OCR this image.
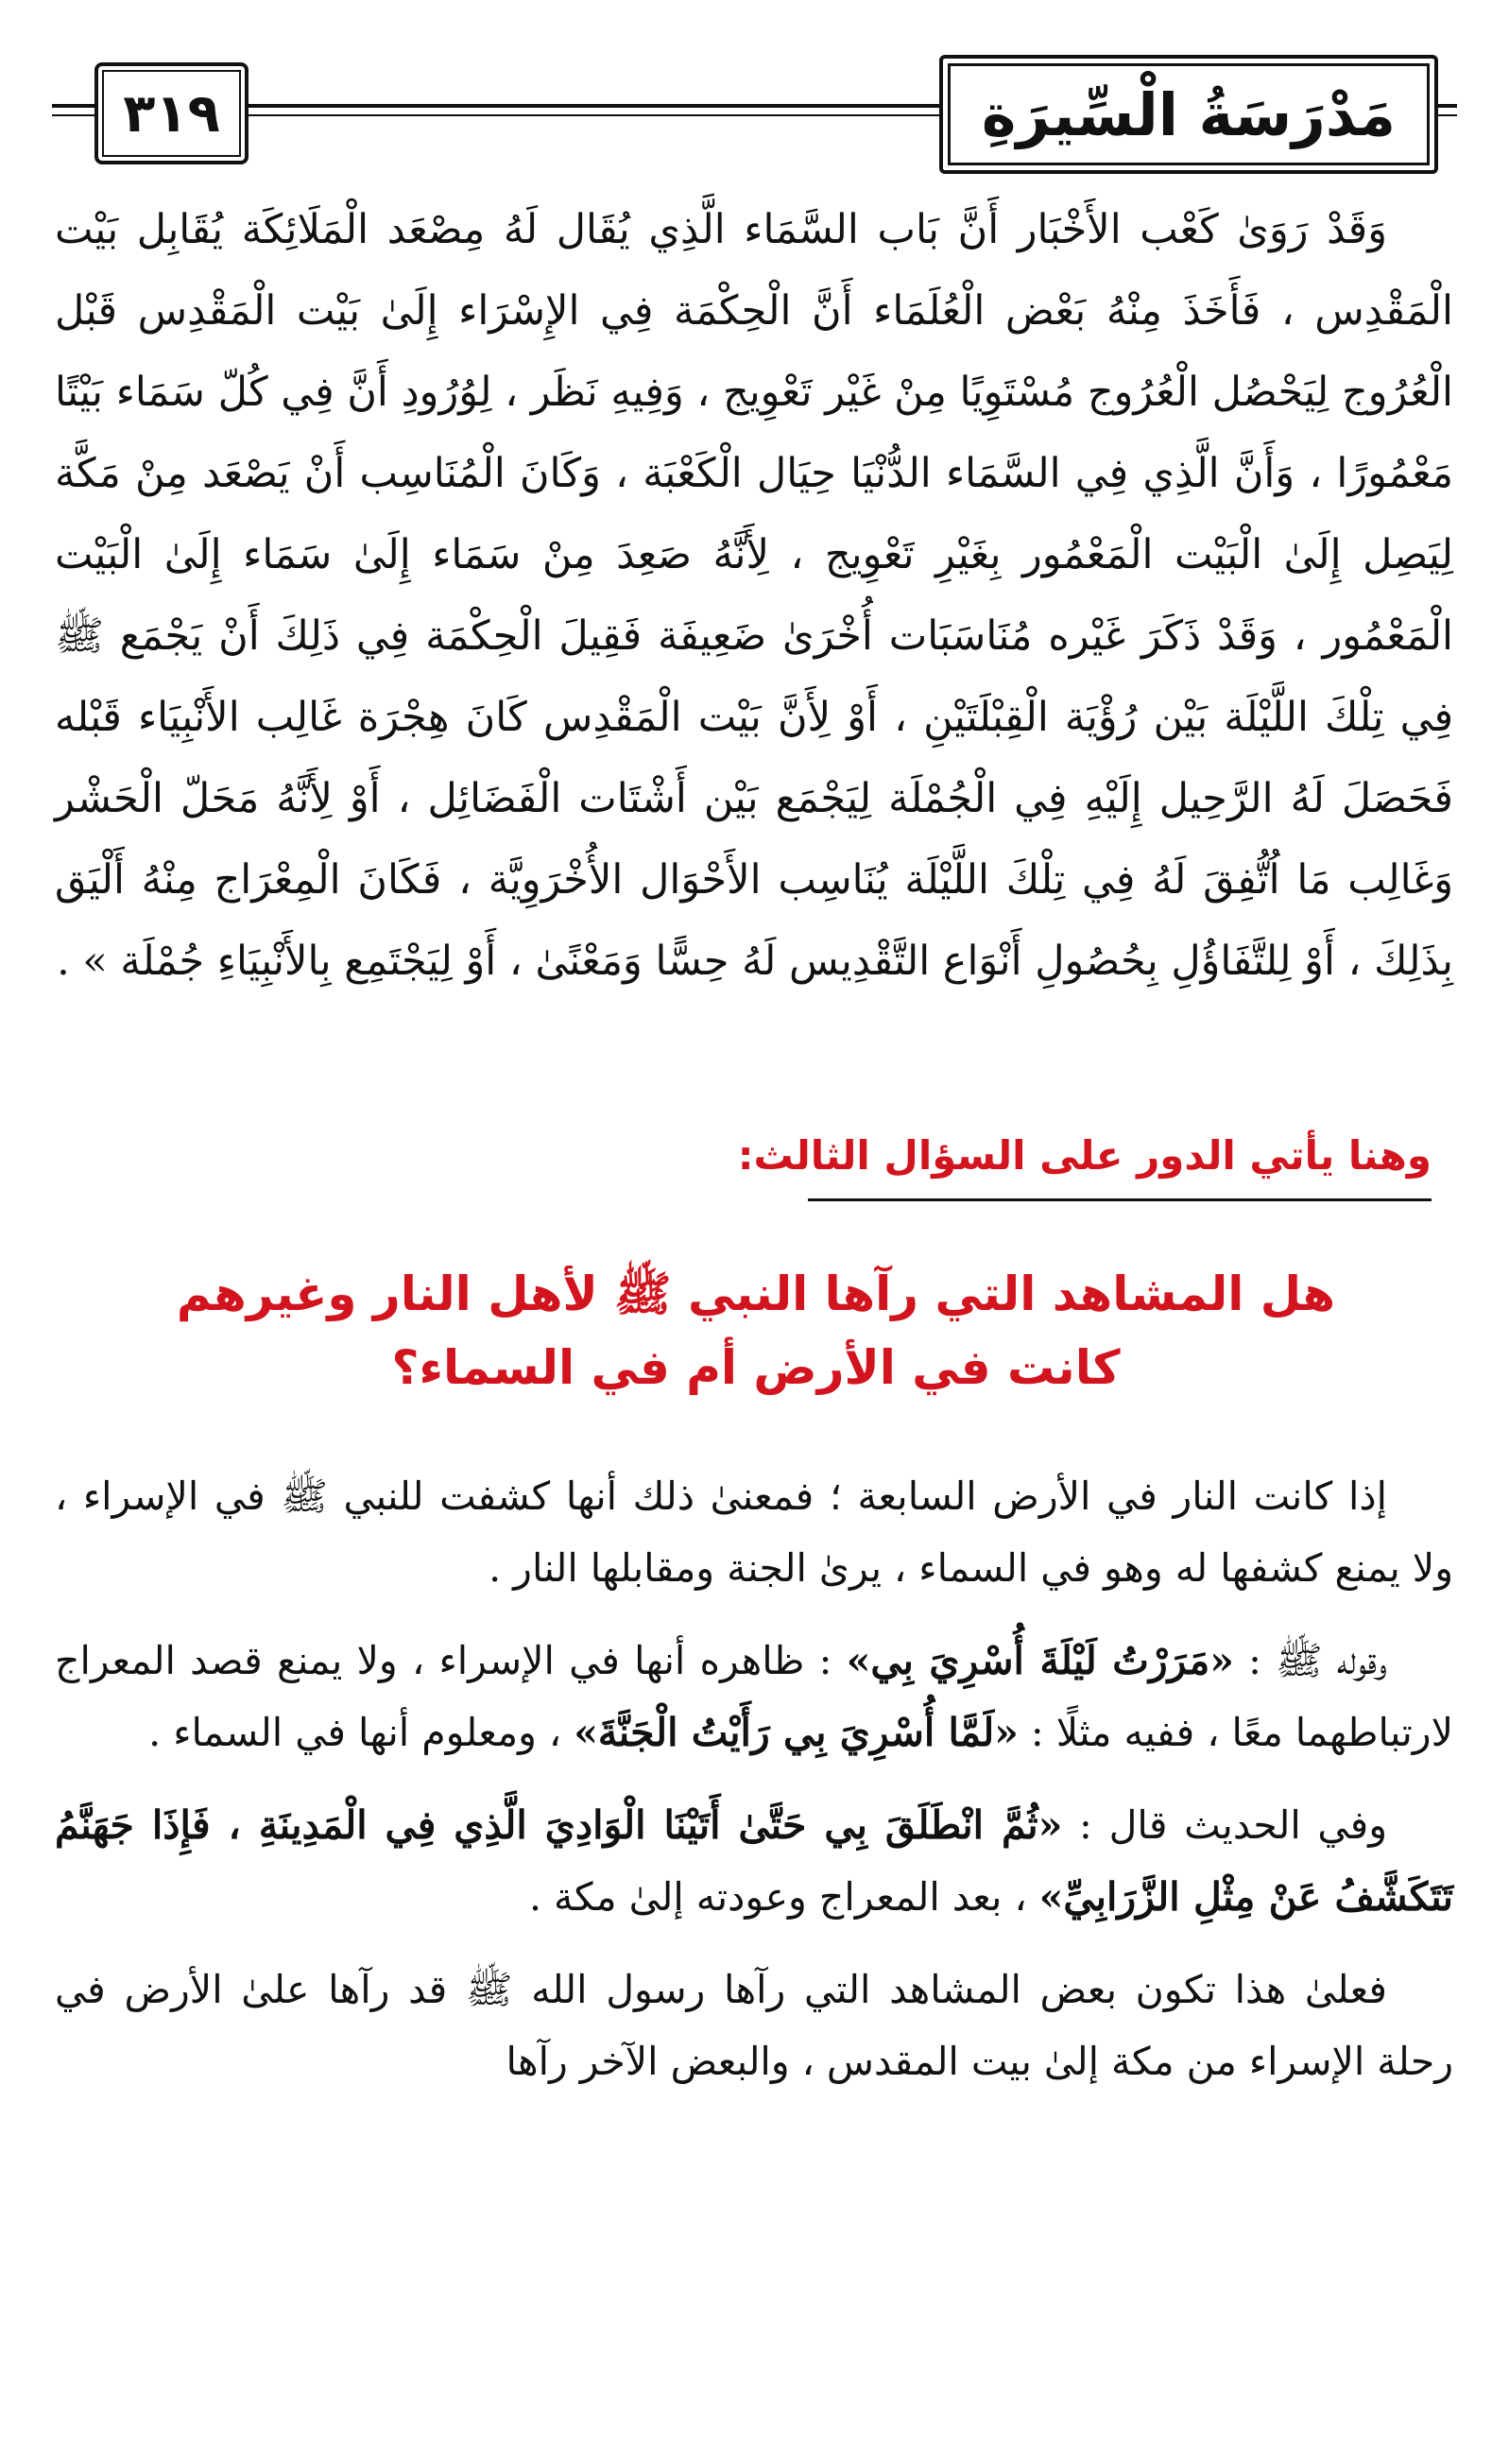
٣١٩	مَدْرَسَةُ الْسِّيرَةِ

وَقَدْ رَوَىٰ كَعْب الأَخْبَار أَنَّ بَاب السَّمَاء الَّذِي يُقَال لَهُ مِصْعَد الْمَلَائِكَة يُقَابِل بَيْت الْمَقْدِس ، فَأَخَذَ مِنْهُ بَعْض الْعُلَمَاء أَنَّ الْحِكْمَة فِي الإِسْرَاء إِلَىٰ بَيْت الْمَقْدِس قَبْل الْعُرُوج لِيَحْصُل الْعُرُوج مُسْتَوِيًا مِنْ غَيْر تَعْوِيج ، وَفِيهِ نَظَر ، لِوُرُودِ أَنَّ فِي كُلّ سَمَاء بَيْتًا مَعْمُورًا ، وَأَنَّ الَّذِي فِي السَّمَاء الدُّنْيَا حِيَال الْكَعْبَة ، وَكَانَ الْمُنَاسِب أَنْ يَصْعَد مِنْ مَكَّة لِيَصِل إِلَىٰ الْبَيْت الْمَعْمُور بِغَيْرِ تَعْوِيج ، لِأَنَّهُ صَعِدَ مِنْ سَمَاء إِلَىٰ سَمَاء إِلَىٰ الْبَيْت الْمَعْمُور ، وَقَدْ ذَكَرَ غَيْره مُنَاسَبَات أُخْرَىٰ ضَعِيفَة فَقِيلَ الْحِكْمَة فِي ذَلِكَ أَنْ يَجْمَع ﷺ فِي تِلْكَ اللَّيْلَة بَيْن رُؤْيَة الْقِبْلَتَيْنِ ، أَوْ لِأَنَّ بَيْت الْمَقْدِس كَانَ هِجْرَة غَالِب الأَنْبِيَاء قَبْله فَحَصَلَ لَهُ الرَّحِيل إِلَيْهِ فِي الْجُمْلَة لِيَجْمَع بَيْن أَشْتَات الْفَضَائِل ، أَوْ لِأَنَّهُ مَحَلّ الْحَشْر وَغَالِب مَا اُتُّفِقَ لَهُ فِي تِلْكَ اللَّيْلَة يُنَاسِب الأَحْوَال الأُخْرَوِيَّة ، فَكَانَ الْمِعْرَاج مِنْهُ أَلْيَق بِذَلِكَ ، أَوْ لِلتَّفَاؤُلِ بِحُصُولِ أَنْوَاع التَّقْدِيس لَهُ حِسًّا وَمَعْنًىٰ ، أَوْ لِيَجْتَمِع بِالأَنْبِيَاءِ جُمْلَة » .

وهنا يأتي الدور على السؤال الثالث:
هل المشاهد التي رآها النبي ﷺ لأهل النار وغيرهم
كانت في الأرض أم في السماء؟

إذا كانت النار في الأرض السابعة ؛ فمعنىٰ ذلك أنها كشفت للنبي ﷺ في الإسراء ، ولا يمنع كشفها له وهو في السماء ، يرىٰ الجنة ومقابلها النار .

وقوله ﷺ : «مَرَرْتُ لَيْلَةَ أُسْرِيَ بِي» : ظاهره أنها في الإسراء ، ولا يمنع قصد المعراج لارتباطهما معًا ، ففيه مثلًا : «لَمَّا أُسْرِيَ بِي رَأَيْتُ الْجَنَّةَ» ، ومعلوم أنها في السماء .

وفي الحديث قال : «ثُمَّ انْطَلَقَ بِي حَتَّىٰ أَتَيْنَا الْوَادِيَ الَّذِي فِي الْمَدِينَةِ ، فَإِذَا جَهَنَّمُ تَتَكَشَّفُ عَنْ مِثْلِ الزَّرَابِيِّ» ، بعد المعراج وعودته إلىٰ مكة .

فعلىٰ هذا تكون بعض المشاهد التي رآها رسول الله ﷺ قد رآها علىٰ الأرض في رحلة الإسراء من مكة إلىٰ بيت المقدس ، والبعض الآخر رآها
